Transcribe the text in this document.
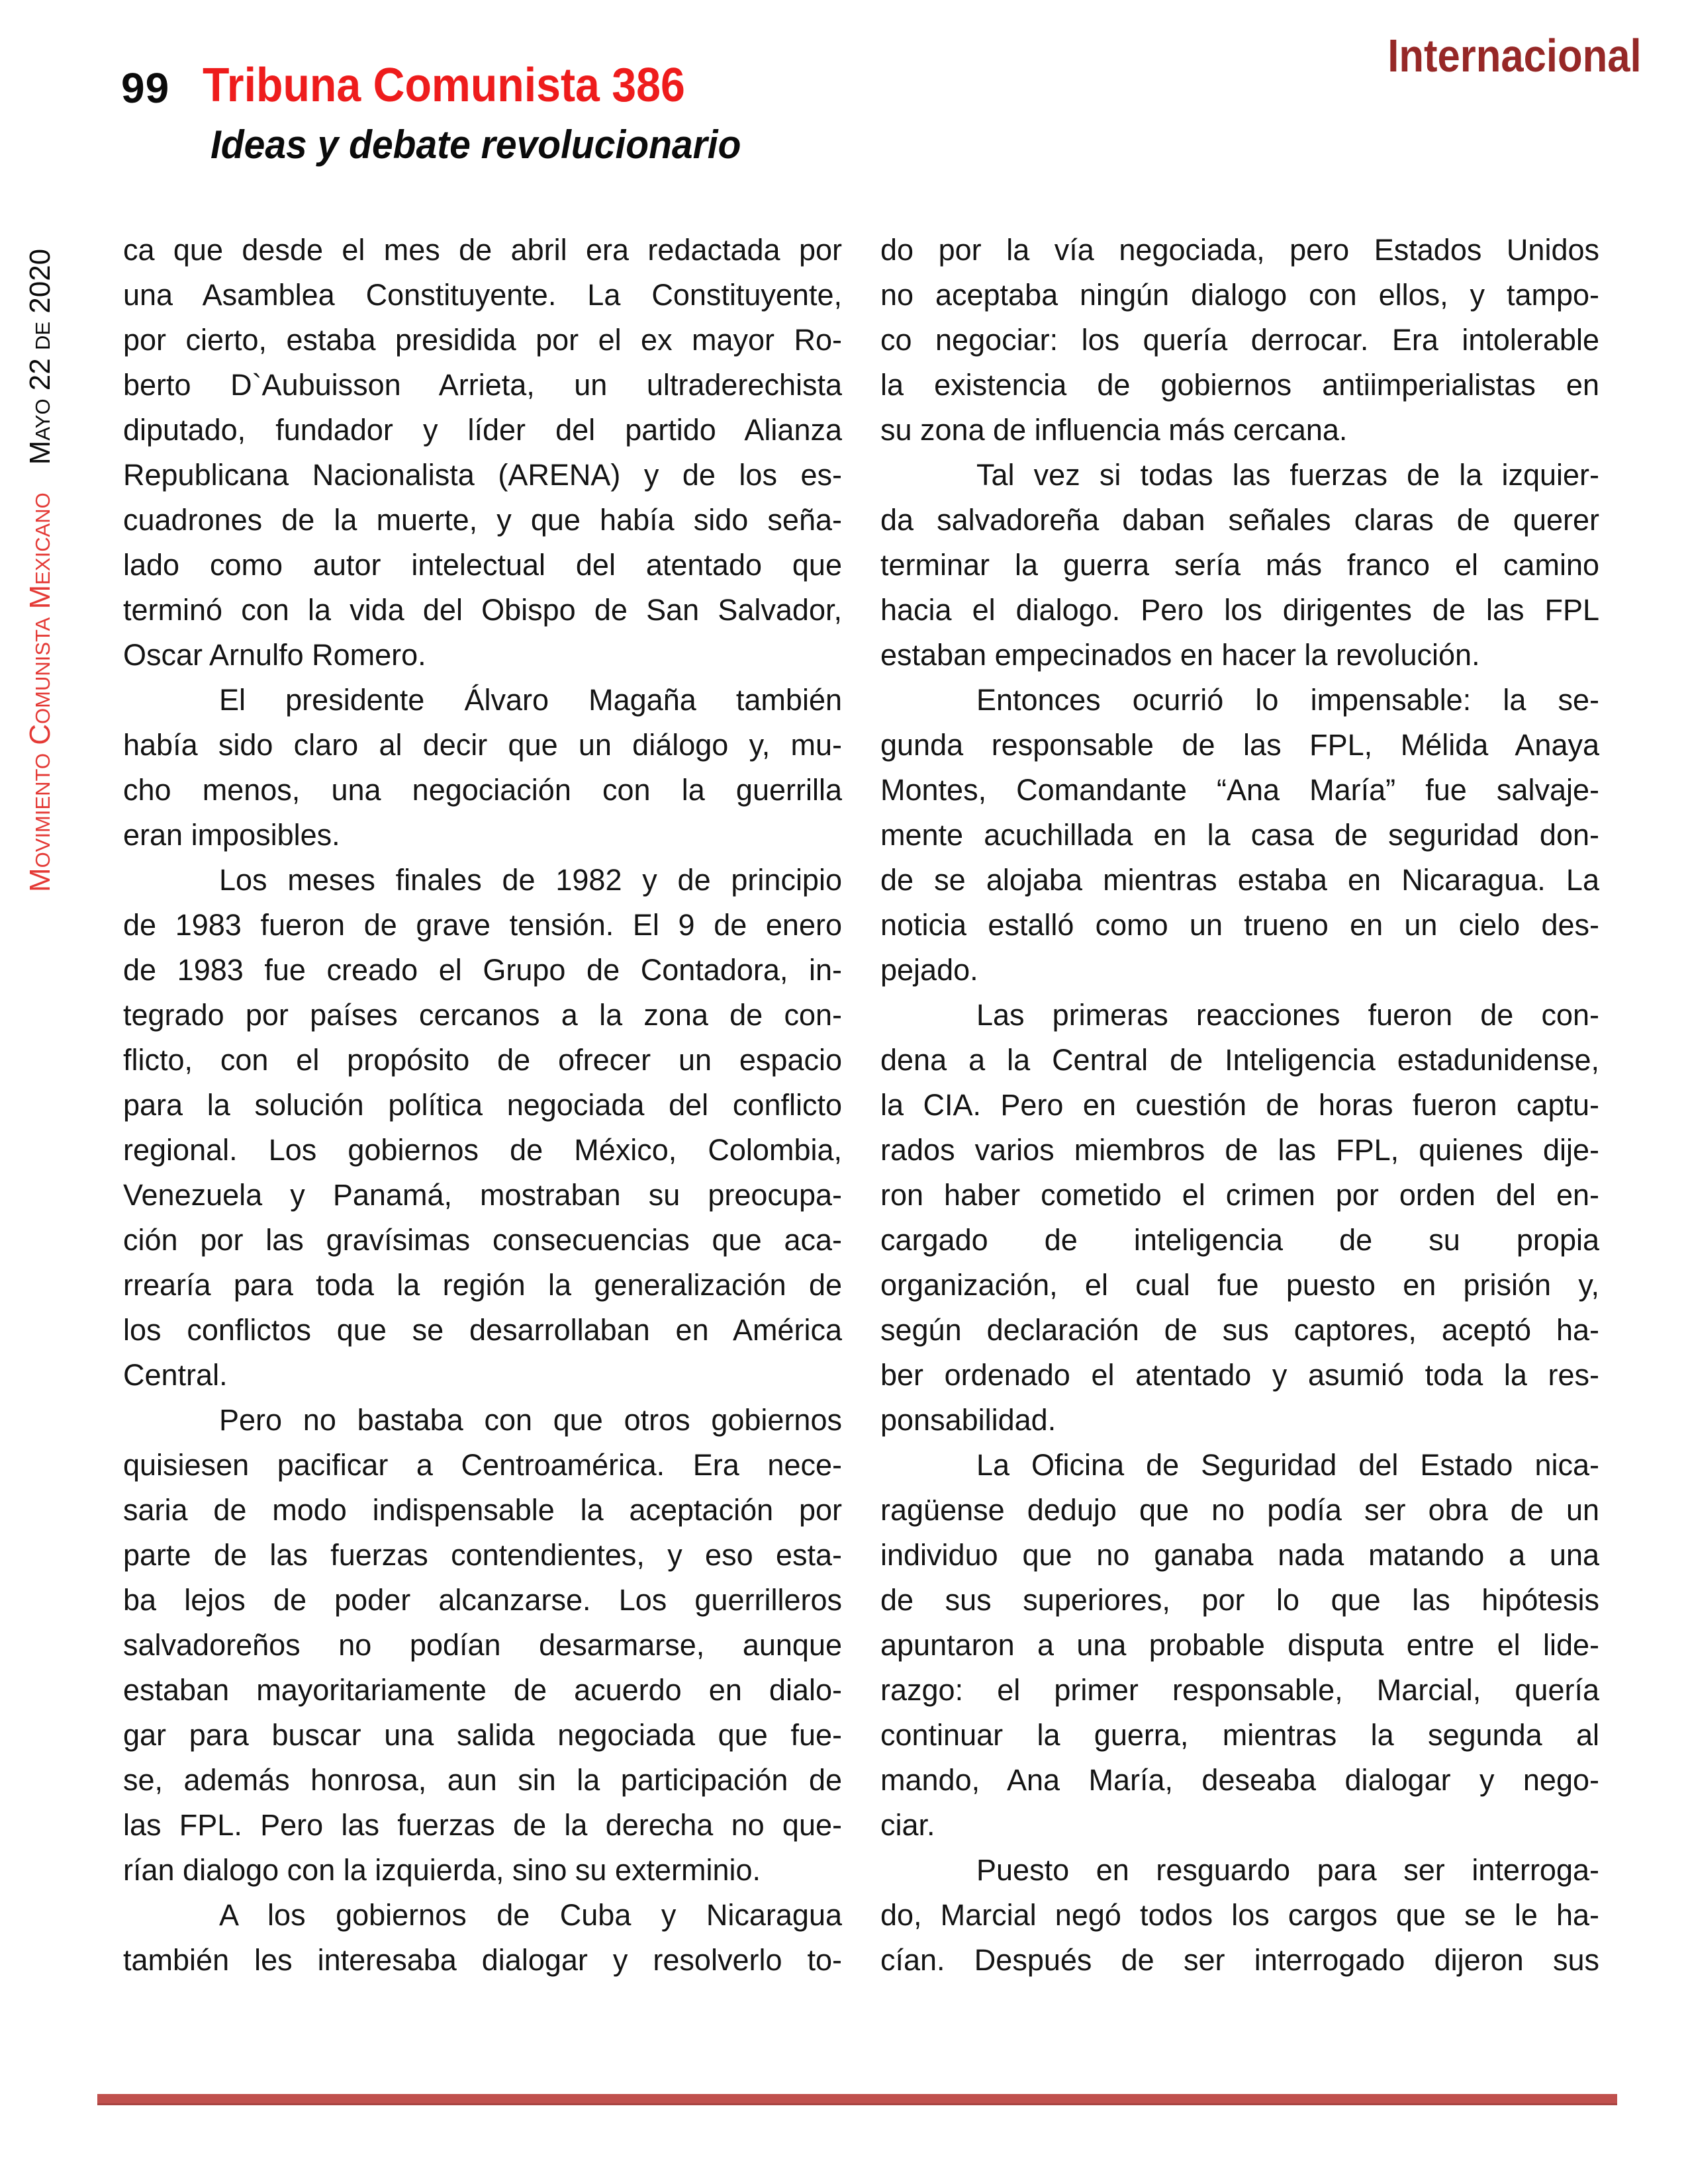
99 Tribuna Comunista 386
Ideas y debate revolucionario
Internacional
Movimiento Comunista MexicanoMayo 22 de 2020 ca que desde el mes de abril era redactada por
una Asamblea Constituyente. La Constituyente,
por cierto, estaba presidida por el ex mayor Ro-
berto D`Aubuisson Arrieta, un ultraderechista
diputado, fundador y líder del partido Alianza
Republicana Nacionalista (ARENA) y de los es-
cuadrones de la muerte, y que había sido seña-
lado como autor intelectual del atentado que
terminó con la vida del Obispo de San Salvador,
Oscar Arnulfo Romero.
El presidente Álvaro Magaña también
había sido claro al decir que un diálogo y, mu-
cho menos, una negociación con la guerrilla
eran imposibles.
Los meses finales de 1982 y de principio
de 1983 fueron de grave tensión. El 9 de enero
de 1983 fue creado el Grupo de Contadora, in-
tegrado por países cercanos a la zona de con-
flicto, con el propósito de ofrecer un espacio
para la solución política negociada del conflicto
regional. Los gobiernos de México, Colombia,
Venezuela y Panamá, mostraban su preocupa-
ción por las gravísimas consecuencias que aca-
rrearía para toda la región la generalización de
los conflictos que se desarrollaban en América
Central.
Pero no bastaba con que otros gobiernos
quisiesen pacificar a Centroamérica. Era nece-
saria de modo indispensable la aceptación por
parte de las fuerzas contendientes, y eso esta-
ba lejos de poder alcanzarse. Los guerrilleros
salvadoreños no podían desarmarse, aunque
estaban mayoritariamente de acuerdo en dialo-
gar para buscar una salida negociada que fue-
se, además honrosa, aun sin la participación de
las FPL. Pero las fuerzas de la derecha no que-
rían dialogo con la izquierda, sino su exterminio.
A los gobiernos de Cuba y Nicaragua
también les interesaba dialogar y resolverlo to-
do por la vía negociada, pero Estados Unidos
no aceptaba ningún dialogo con ellos, y tampo-
co negociar: los quería derrocar. Era intolerable
la existencia de gobiernos antiimperialistas en
su zona de influencia más cercana.
Tal vez si todas las fuerzas de la izquier-
da salvadoreña daban señales claras de querer
terminar la guerra sería más franco el camino
hacia el dialogo. Pero los dirigentes de las FPL
estaban empecinados en hacer la revolución.
Entonces ocurrió lo impensable: la se-
gunda responsable de las FPL, Mélida Anaya
Montes, Comandante “Ana María” fue salvaje-
mente acuchillada en la casa de seguridad don-
de se alojaba mientras estaba en Nicaragua. La
noticia estalló como un trueno en un cielo des-
pejado.
Las primeras reacciones fueron de con-
dena a la Central de Inteligencia estadunidense,
la CIA. Pero en cuestión de horas fueron captu-
rados varios miembros de las FPL, quienes dije-
ron haber cometido el crimen por orden del en-
cargado de inteligencia de su propia
organización, el cual fue puesto en prisión y,
según declaración de sus captores, aceptó ha-
ber ordenado el atentado y asumió toda la res-
ponsabilidad.
La Oficina de Seguridad del Estado nica-
ragüense dedujo que no podía ser obra de un
individuo que no ganaba nada matando a una
de sus superiores, por lo que las hipótesis
apuntaron a una probable disputa entre el lide-
razgo: el primer responsable, Marcial, quería
continuar la guerra, mientras la segunda al
mando, Ana María, deseaba dialogar y nego-
ciar.
Puesto en resguardo para ser interroga-
do, Marcial negó todos los cargos que se le ha-
cían. Después de ser interrogado dijeron sus
